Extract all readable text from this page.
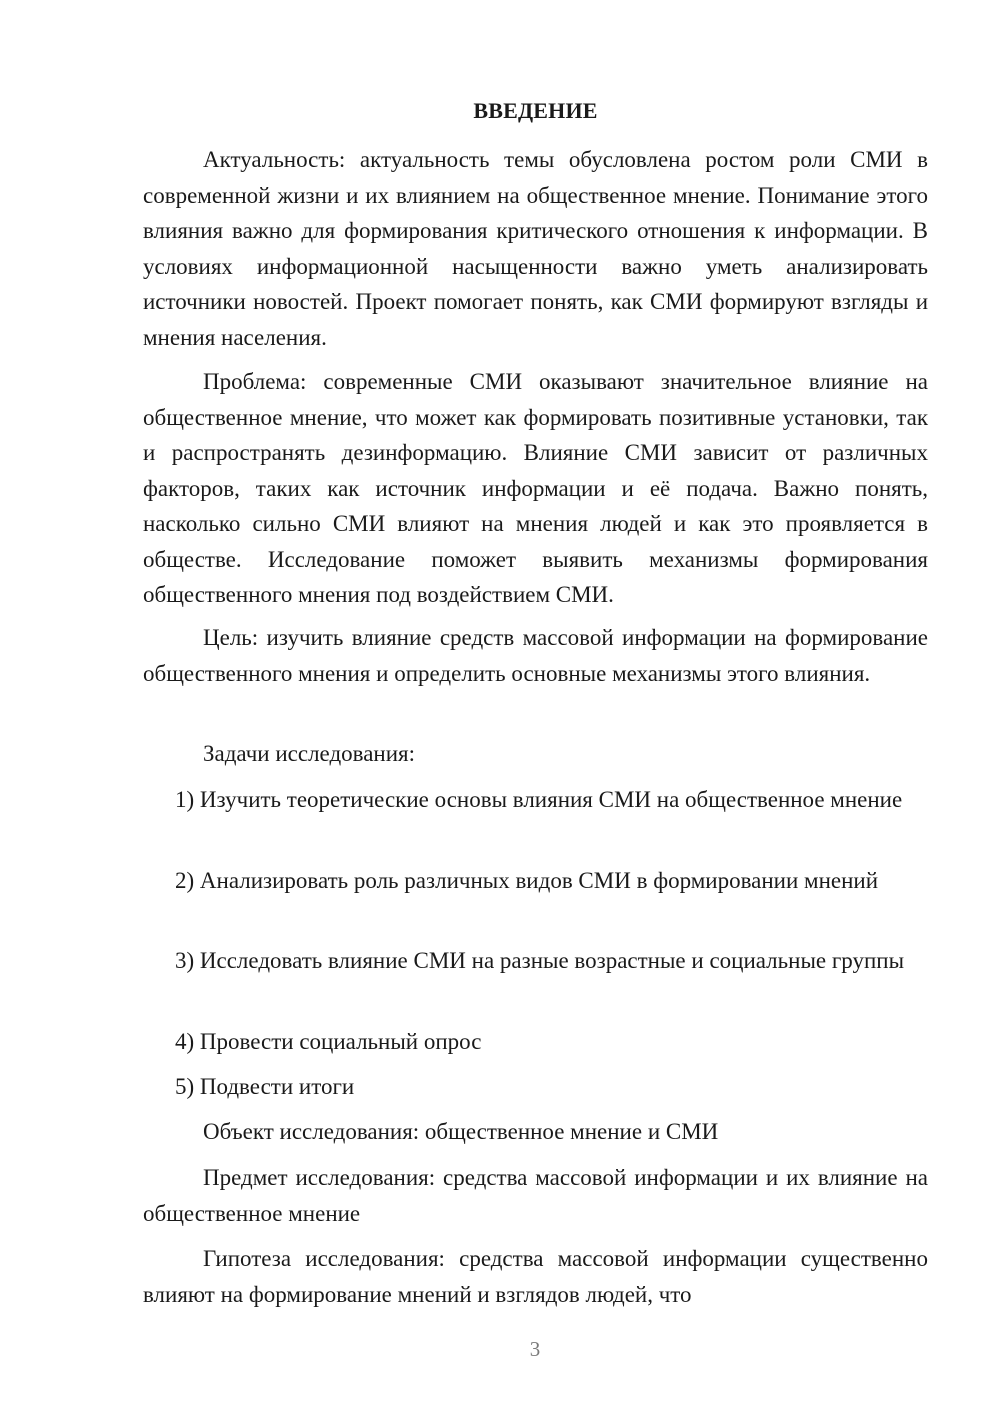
ВВЕДЕНИЕ

Актуальность: актуальность темы обусловлена ростом роли СМИ в современной жизни и их влиянием на общественное мнение. Понимание этого влияния важно для формирования критического отношения к информации. В условиях информационной насыщенности важно уметь анализировать источники новостей. Проект помогает понять, как СМИ формируют взгляды и мнения населения.

Проблема: современные СМИ оказывают значительное влияние на общественное мнение, что может как формировать позитивные установки, так и распространять дезинформацию. Влияние СМИ зависит от различных факторов, таких как источник информации и её подача. Важно понять, насколько сильно СМИ влияют на мнения людей и как это проявляется в обществе. Исследование поможет выявить механизмы формирования общественного мнения под воздействием СМИ.

Цель: изучить влияние средств массовой информации на формирование общественного мнения и определить основные механизмы этого влияния.

Задачи исследования:

1) Изучить теоретические основы влияния СМИ на общественное мнение

2) Анализировать роль различных видов СМИ в формировании мнений

3) Исследовать влияние СМИ на разные возрастные и социальные группы

4) Провести социальный опрос

5) Подвести итоги

Объект исследования: общественное мнение и СМИ

Предмет исследования: средства массовой информации и их влияние на общественное мнение

Гипотеза исследования: средства массовой информации существенно влияют на формирование мнений и взглядов людей, что

3
